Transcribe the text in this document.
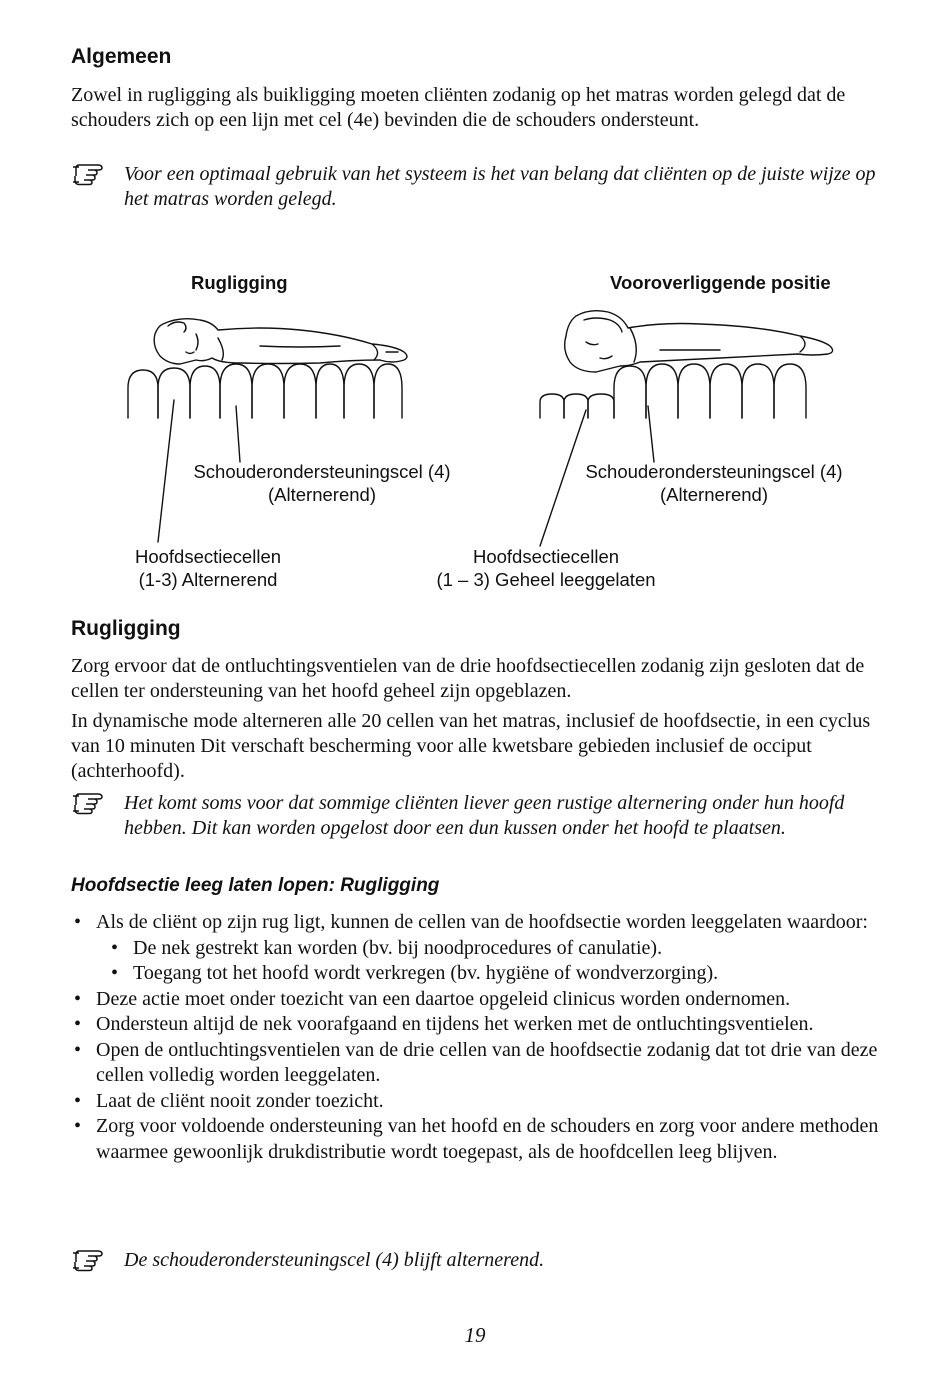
Algemeen
Zowel in rugligging als buikligging moeten cliënten zodanig op het matras worden gelegd dat de schouders zich op een lijn met cel (4e) bevinden die de schouders ondersteunt.
Voor een optimaal gebruik van het systeem is het van belang dat cliënten op de juiste wijze op het matras worden gelegd.
Rugligging	Vooroverliggende positie
Schouderondersteuningscel (4)
(Alternerend)
Schouderondersteuningscel (4)
(Alternerend)
Hoofdsectiecellen
(1-3) Alternerend
Hoofdsectiecellen
(1 – 3) Geheel leeggelaten
Rugligging
Zorg ervoor dat de ontluchtingsventielen van de drie hoofdsectiecellen zodanig zijn gesloten dat de cellen ter ondersteuning van het hoofd geheel zijn opgeblazen.
In dynamische mode alterneren alle 20 cellen van het matras, inclusief de hoofdsectie, in een cyclus van 10 minuten Dit verschaft bescherming voor alle kwetsbare gebieden inclusief de occiput (achterhoofd).
Het komt soms voor dat sommige cliënten liever geen rustige alternering onder hun hoofd hebben. Dit kan worden opgelost door een dun kussen onder het hoofd te plaatsen.
Hoofdsectie leeg laten lopen: Rugligging
• Als de cliënt op zijn rug ligt, kunnen de cellen van de hoofdsectie worden leeggelaten waardoor:
• De nek gestrekt kan worden (bv. bij noodprocedures of canulatie).
• Toegang tot het hoofd wordt verkregen (bv. hygiëne of wondverzorging).
• Deze actie moet onder toezicht van een daartoe opgeleid clinicus worden ondernomen.
• Ondersteun altijd de nek voorafgaand en tijdens het werken met de ontluchtingsventielen.
• Open de ontluchtingsventielen van de drie cellen van de hoofdsectie zodanig dat tot drie van deze cellen volledig worden leeggelaten.
• Laat de cliënt nooit zonder toezicht.
• Zorg voor voldoende ondersteuning van het hoofd en de schouders en zorg voor andere methoden waarmee gewoonlijk drukdistributie wordt toegepast, als de hoofdcellen leeg blijven.
De schouderondersteuningscel (4) blijft alternerend.
19
